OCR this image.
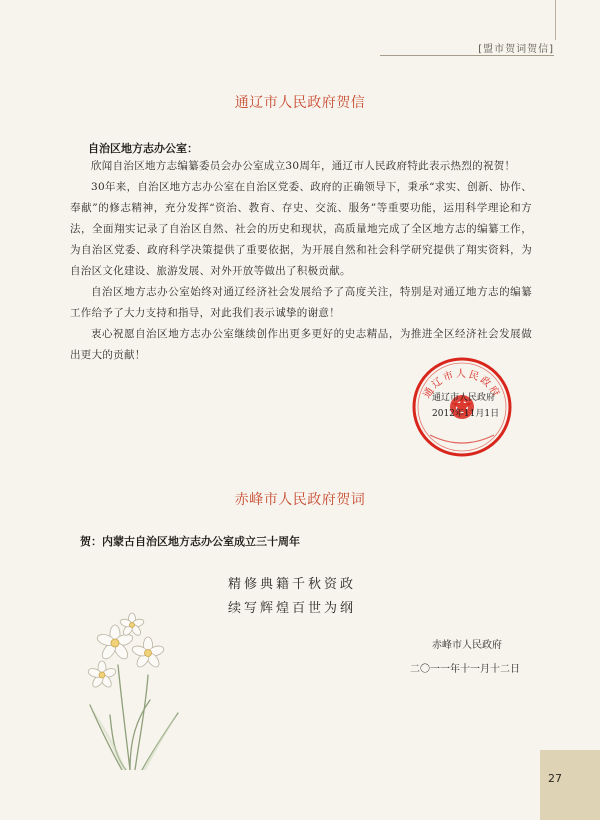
[盟市贺词贺信]
通辽市人民政府贺信
自治区地方志办公室：

欣闻自治区地方志编纂委员会办公室成立30周年，通辽市人民政府特此表示热烈的祝贺！

30年来，自治区地方志办公室在自治区党委、政府的正确领导下，秉承“求实、创新、协作、奉献”的修志精神，充分发挥“资治、教育、存史、交流、服务”等重要功能，运用科学理论和方法，全面翔实记录了自治区自然、社会的历史和现状，高质量地完成了全区地方志的编纂工作，为自治区党委、政府科学决策提供了重要依据，为开展自然和社会科学研究提供了翔实资料，为自治区文化建设、旅游发展、对外开放等做出了积极贡献。

自治区地方志办公室始终对通辽经济社会发展给予了高度关注，特别是对通辽地方志的编纂工作给予了大力支持和指导，对此我们表示诚挚的谢意！

衷心祝愿自治区地方志办公室继续创作出更多更好的史志精品，为推进全区经济社会发展做出更大的贡献！

通辽市人民政府
通辽市人民政府
2012年11月1日
赤峰市人民政府贺词
贺：内蒙古自治区地方志办公室成立三十周年
精修典籍千秋资政
续写辉煌百世为纲
赤峰市人民政府
二〇一一年十一月十二日
27
